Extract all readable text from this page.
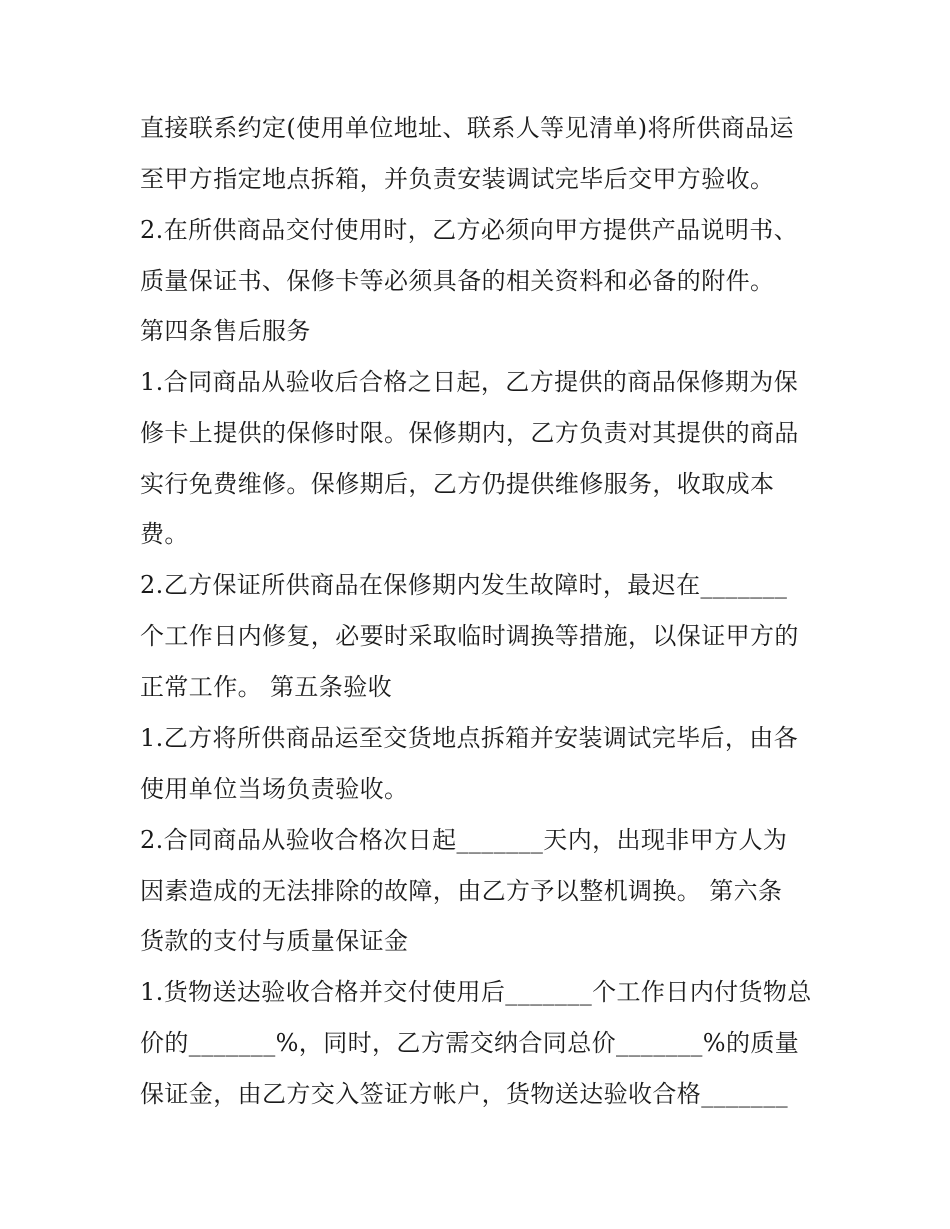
直接联系约定(使用单位地址、联系人等见清单)将所供商品运

至甲方指定地点拆箱，并负责安装调试完毕后交甲方验收。

2.在所供商品交付使用时，乙方必须向甲方提供产品说明书、

质量保证书、保修卡等必须具备的相关资料和必备的附件。

第四条售后服务

1.合同商品从验收后合格之日起，乙方提供的商品保修期为保

修卡上提供的保修时限。保修期内，乙方负责对其提供的商品

实行免费维修。保修期后，乙方仍提供维修服务，收取成本

费。

2.乙方保证所供商品在保修期内发生故障时，最迟在_______

个工作日内修复，必要时采取临时调换等措施，以保证甲方的

正常工作。 第五条验收

1.乙方将所供商品运至交货地点拆箱并安装调试完毕后，由各

使用单位当场负责验收。

2.合同商品从验收合格次日起_______天内，出现非甲方人为

因素造成的无法排除的故障，由乙方予以整机调换。 第六条

货款的支付与质量保证金

1.货物送达验收合格并交付使用后_______个工作日内付货物总

价的_______%，同时，乙方需交纳合同总价_______%的质量

保证金，由乙方交入签证方帐户，货物送达验收合格_______
